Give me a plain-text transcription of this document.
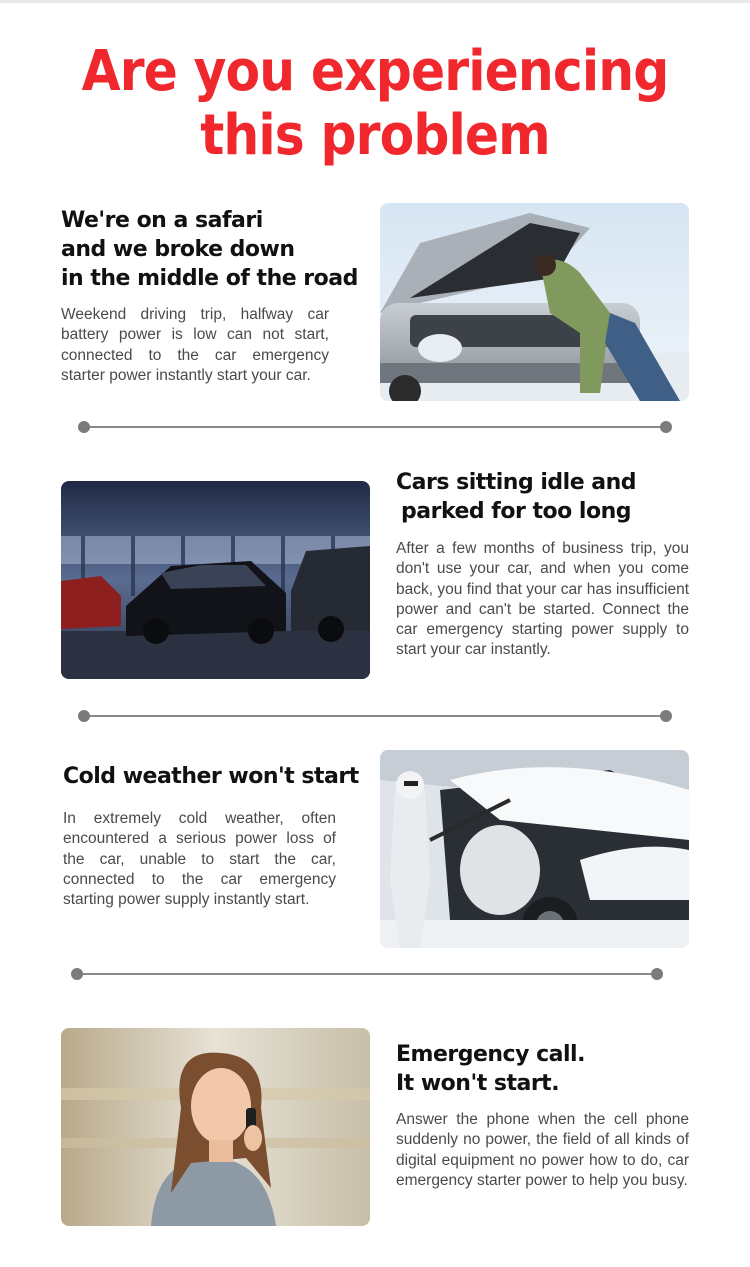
Are you experiencing
this problem
We're on a safari
and we broke down
in the middle of the road
Weekend driving trip, halfway car battery power is low can not start, connected to the car emergency starter power instantly start your car.
Cars sitting idle and
parked for too long
After a few months of business trip, you don't use your car, and when you come back, you find that your car has insufficient power and can't be started. Connect the car emergency starting power supply to start your car instantly.
Cold weather won't start
In extremely cold weather, often encountered a serious power loss of the car, unable to start the car, connected to the car emergency starting power supply instantly start.
Emergency call.
It won't start.
Answer the phone when the cell phone suddenly no power, the field of all kinds of digital equipment no power how to do, car emergency starter power to help you busy.
